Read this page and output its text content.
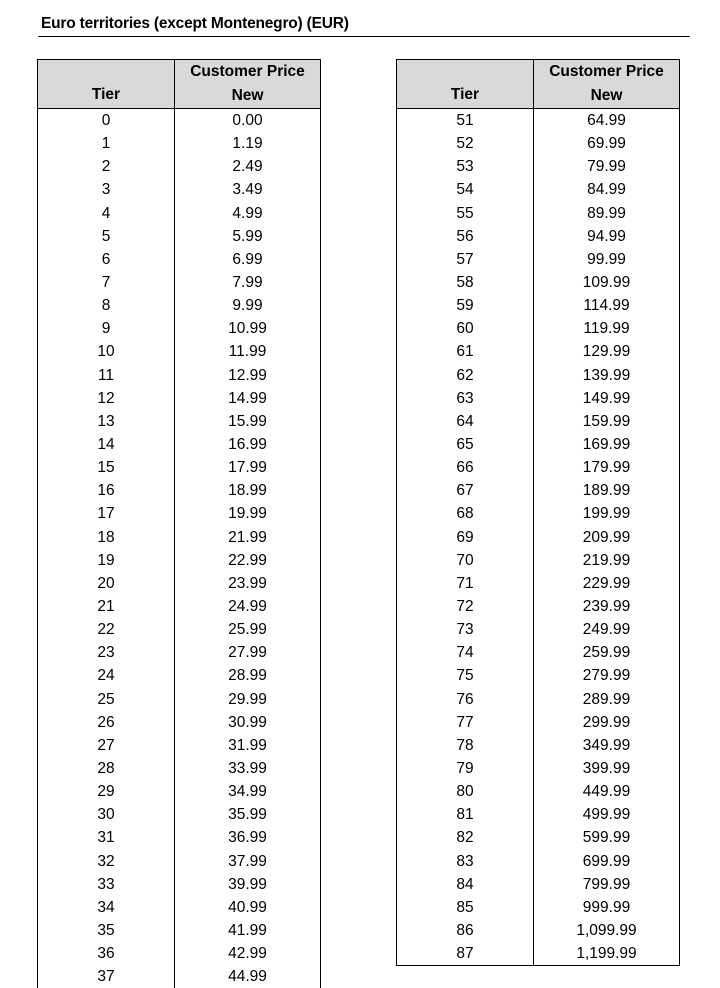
Euro territories (except Montenegro) (EUR)
Tier	Customer Price
New

0	0.00
1	1.19
2	2.49
3	3.49
4	4.99
5	5.99
6	6.99
7	7.99
8	9.99
9	10.99
10	11.99
11	12.99
12	14.99
13	15.99
14	16.99
15	17.99
16	18.99
17	19.99
18	21.99
19	22.99
20	23.99
21	24.99
22	25.99
23	27.99
24	28.99
25	29.99
26	30.99
27	31.99
28	33.99
29	34.99
30	35.99
31	36.99
32	37.99
33	39.99
34	40.99
35	41.99
36	42.99
37	44.99
Tier	Customer Price
New

51	64.99
52	69.99
53	79.99
54	84.99
55	89.99
56	94.99
57	99.99
58	109.99
59	114.99
60	119.99
61	129.99
62	139.99
63	149.99
64	159.99
65	169.99
66	179.99
67	189.99
68	199.99
69	209.99
70	219.99
71	229.99
72	239.99
73	249.99
74	259.99
75	279.99
76	289.99
77	299.99
78	349.99
79	399.99
80	449.99
81	499.99
82	599.99
83	699.99
84	799.99
85	999.99
86	1,099.99
87	1,199.99
